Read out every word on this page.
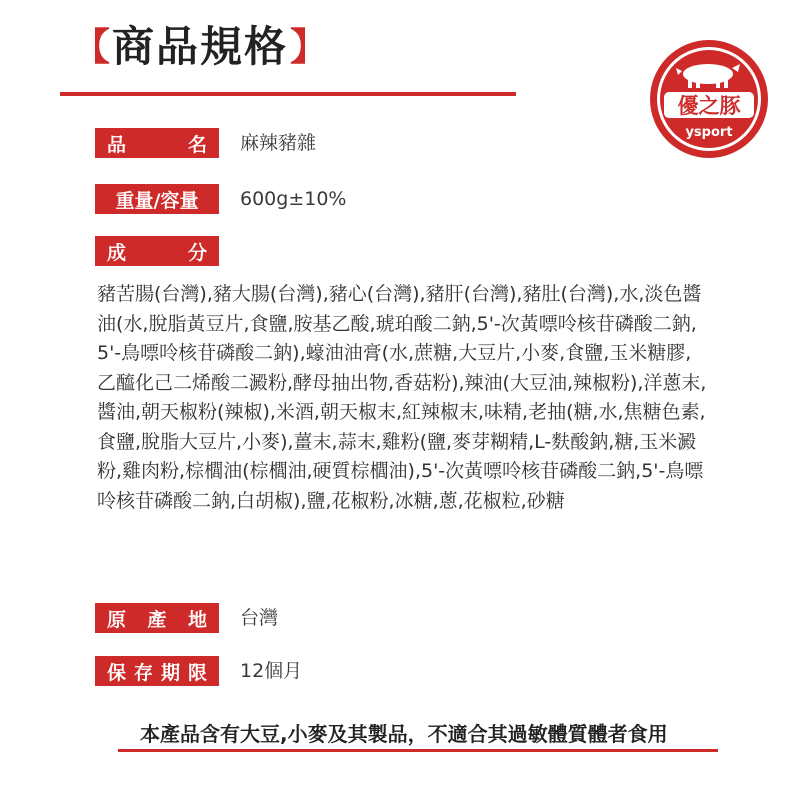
【 商品規格 】
優之豚
ysport
品	名 麻辣豬雜
重量/容量 600g±10%
成	分

豬苦腸(台灣),豬大腸(台灣),豬心(台灣),豬肝(台灣),豬肚(台灣),水,淡色醬油(水,脫脂黃豆片,食鹽,胺基乙酸,琥珀酸二鈉,5'-次黃嘌呤核苷磷酸二鈉,5'-鳥嘌呤核苷磷酸二鈉),蠔油油膏(水,蔗糖,大豆片,小麥,食鹽,玉米糖膠,乙醯化己二烯酸二澱粉,酵母抽出物,香菇粉),辣油(大豆油,辣椒粉),洋蔥末,醬油,朝天椒粉(辣椒),米酒,朝天椒末,紅辣椒末,味精,老抽(糖,水,焦糖色素,食鹽,脫脂大豆片,小麥),薑末,蒜末,雞粉(鹽,麥芽糊精,L-麩酸鈉,糖,玉米澱粉,雞肉粉,棕櫚油(棕櫚油,硬質棕櫚油),5'-次黃嘌呤核苷磷酸二鈉,5'-鳥嘌呤核苷磷酸二鈉,白胡椒),鹽,花椒粉,冰糖,蔥,花椒粒,砂糖

原 產 地 台灣
保 存 期 限 12個月
本產品含有大豆,小麥及其製品，不適合其過敏體質體者食用
